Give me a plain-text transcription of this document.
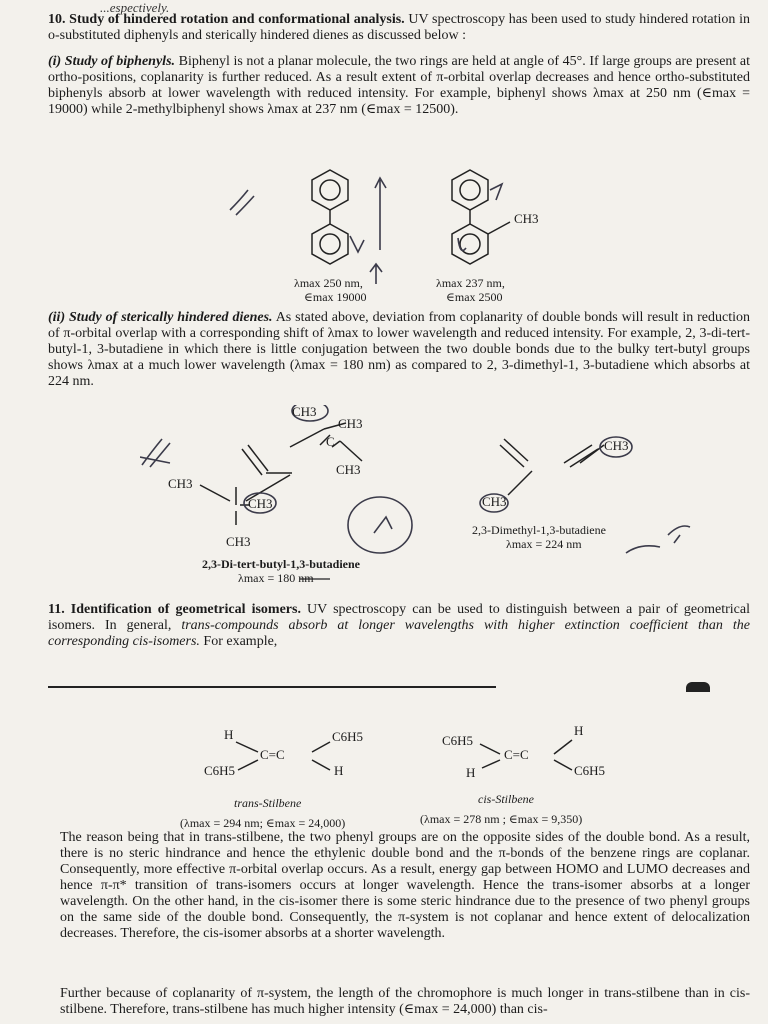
...espectively.
10. Study of hindered rotation and conformational analysis. UV spectroscopy has been used to study hindered rotation in o-substituted diphenyls and sterically hindered dienes as discussed below :
(i) Study of biphenyls. Biphenyl is not a planar molecule, the two rings are held at angle of 45°. If large groups are present at ortho-positions, coplanarity is further reduced. As a result extent of π-orbital overlap decreases and hence ortho-substituted biphenyls absorb at lower wavelength with reduced intensity. For example, biphenyl shows λmax at 250 nm (∈max = 19000) while 2-methylbiphenyl shows λmax at 237 nm (∈max = 12500).
CH3
λmax 250 nm,
∈max 19000
λmax 237 nm,
∈max 2500
(ii) Study of sterically hindered dienes. As stated above, deviation from coplanarity of double bonds will result in reduction of π-orbital overlap with a corresponding shift of λmax to lower wavelength and reduced intensity. For example, 2, 3-di-tert-butyl-1, 3-butadiene in which there is little conjugation between the two double bonds due to the bulky tert-butyl groups shows λmax at a much lower wavelength (λmax = 180 nm) as compared to 2, 3-dimethyl-1, 3-butadiene which absorbs at 224 nm.
CH3
CH3
C
CH3
CH3
CH3
CH3
2,3-Di-tert-butyl-1,3-butadiene
λmax = 180 nm
CH3
CH3
2,3-Dimethyl-1,3-butadiene
λmax = 224 nm
11. Identification of geometrical isomers. UV spectroscopy can be used to distinguish between a pair of geometrical isomers. In general, trans-compounds absorb at longer wavelengths with higher extinction coefficient than the corresponding cis-isomers. For example,
H
C=C
C6H5
C6H5
H
C6H5
H
C=C
H
C6H5
trans-Stilbene	cis-Stilbene
(λmax = 294 nm; ∈max = 24,000)	(λmax = 278 nm ; ∈max = 9,350)
The reason being that in trans-stilbene, the two phenyl groups are on the opposite sides of the double bond. As a result, there is no steric hindrance and hence the ethylenic double bond and the π-bonds of the benzene rings are coplanar. Consequently, more effective π-orbital overlap occurs. As a result, energy gap between HOMO and LUMO decreases and hence π-π* transition of trans-isomers occurs at longer wavelength. Hence the trans-isomer absorbs at a longer wavelength. On the other hand, in the cis-isomer there is some steric hindrance due to the presence of two phenyl groups on the same side of the double bond. Consequently, the π-system is not coplanar and hence extent of delocalization decreases. Therefore, the cis-isomer absorbs at a shorter wavelength.
Further because of coplanarity of π-system, the length of the chromophore is much longer in trans-stilbene than in cis-stilbene. Therefore, trans-stilbene has much higher intensity (∈max = 24,000) than cis-
